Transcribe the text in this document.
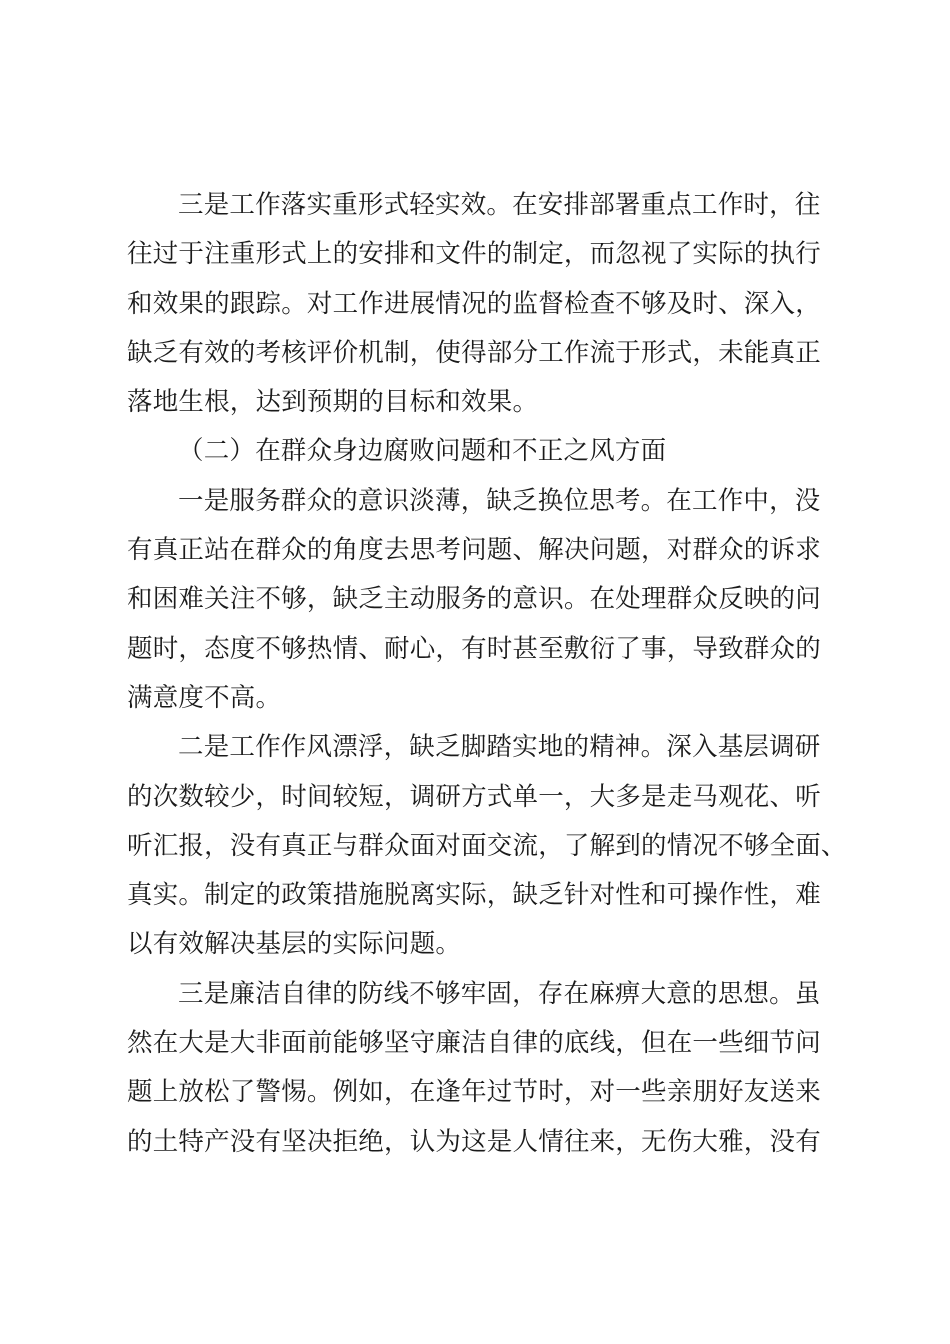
三是工作落实重形式轻实效。在安排部署重点工作时，往
往过于注重形式上的安排和文件的制定，而忽视了实际的执行
和效果的跟踪。对工作进展情况的监督检查不够及时、深入，
缺乏有效的考核评价机制，使得部分工作流于形式，未能真正
落地生根，达到预期的目标和效果。
（二）在群众身边腐败问题和不正之风方面
一是服务群众的意识淡薄，缺乏换位思考。在工作中，没
有真正站在群众的角度去思考问题、解决问题，对群众的诉求
和困难关注不够，缺乏主动服务的意识。在处理群众反映的问
题时，态度不够热情、耐心，有时甚至敷衍了事，导致群众的
满意度不高。
二是工作作风漂浮，缺乏脚踏实地的精神。深入基层调研
的次数较少，时间较短，调研方式单一，大多是走马观花、听
听汇报，没有真正与群众面对面交流，了解到的情况不够全面、
真实。制定的政策措施脱离实际，缺乏针对性和可操作性，难
以有效解决基层的实际问题。
三是廉洁自律的防线不够牢固，存在麻痹大意的思想。虽
然在大是大非面前能够坚守廉洁自律的底线，但在一些细节问
题上放松了警惕。例如，在逢年过节时，对一些亲朋好友送来
的土特产没有坚决拒绝，认为这是人情往来，无伤大雅，没有
